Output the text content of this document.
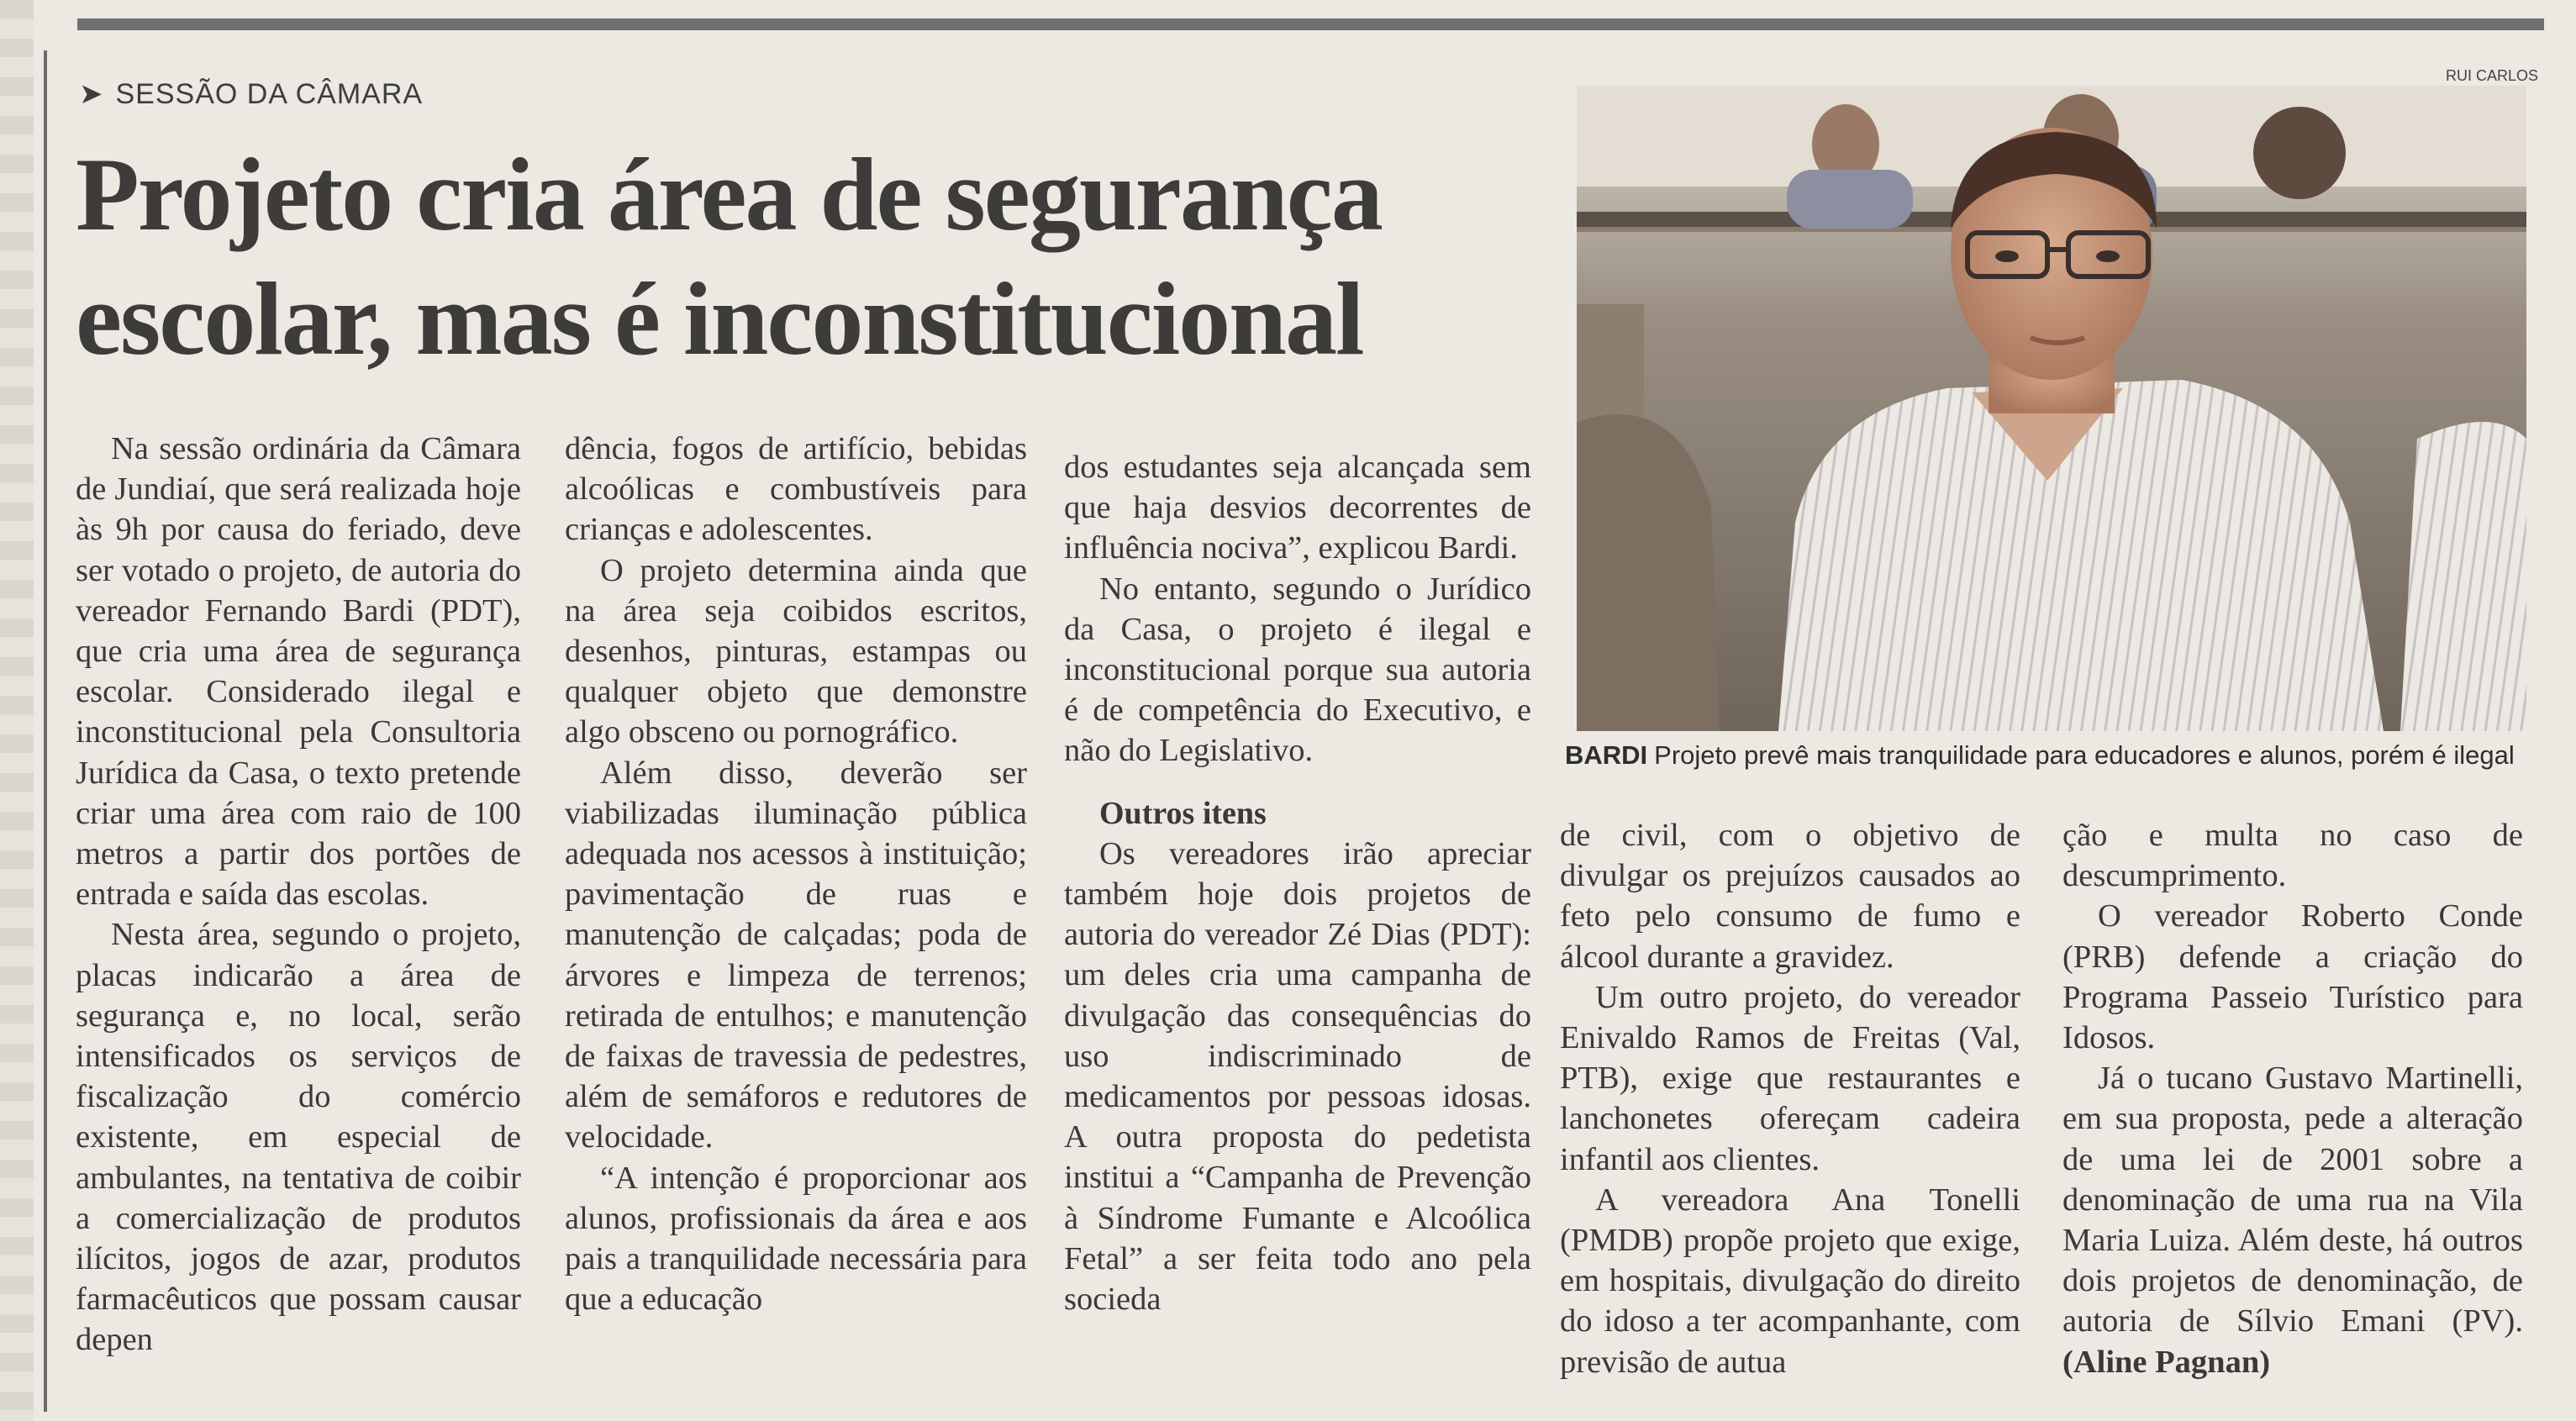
➤ SESSÃO DA CÂMARA
Projeto cria área de segurança escolar, mas é inconstitucional
RUI CARLOS
BARDI Projeto prevê mais tranquilidade para educadores e alunos, porém é ilegal

Na sessão ordinária da Câmara de Jundiaí, que será realizada hoje às 9h por causa do feriado, deve ser votado o projeto, de autoria do vereador Fernando Bardi (PDT), que cria uma área de segurança escolar. Considerado ilegal e inconstitucional pela Consultoria Jurídica da Casa, o texto pretende criar uma área com raio de 100 metros a partir dos portões de entrada e saída das escolas.

Nesta área, segundo o projeto, placas indicarão a área de segurança e, no local, serão intensificados os serviços de fiscalização do comércio existente, em especial de ambulantes, na tentativa de coibir a comercialização de produtos ilícitos, jogos de azar, produtos farmacêuticos que possam causar depen

dência, fogos de artifício, bebidas alcoólicas e combustíveis para crianças e adolescentes.

O projeto determina ainda que na área seja coibidos escritos, desenhos, pinturas, estampas ou qualquer objeto que demonstre algo obsceno ou pornográfico.

Além disso, deverão ser viabilizadas iluminação pública adequada nos acessos à instituição; pavimentação de ruas e manutenção de calçadas; poda de árvores e limpeza de terrenos; retirada de entulhos; e manutenção de faixas de travessia de pedestres, além de semáforos e redutores de velocidade.

“A intenção é proporcionar aos alunos, profissionais da área e aos pais a tranquilidade necessária para que a educação

dos estudantes seja alcançada sem que haja desvios decorrentes de influência nociva”, explicou Bardi.

No entanto, segundo o Jurídico da Casa, o projeto é ilegal e inconstitucional porque sua autoria é de competência do Executivo, e não do Legislativo.

Outros itens

Os vereadores irão apreciar também hoje dois projetos de autoria do vereador Zé Dias (PDT): um deles cria uma campanha de divulgação das consequências do uso indiscriminado de medicamentos por pessoas idosas. A outra proposta do pedetista institui a “Campanha de Prevenção à Síndrome Fumante e Alcoólica Fetal” a ser feita todo ano pela socieda

de civil, com o objetivo de divulgar os prejuízos causados ao feto pelo consumo de fumo e álcool durante a gravidez.

Um outro projeto, do vereador Enivaldo Ramos de Freitas (Val, PTB), exige que restaurantes e lanchonetes ofereçam cadeira infantil aos clientes.

A vereadora Ana Tonelli (PMDB) propõe projeto que exige, em hospitais, divulgação do direito do idoso a ter acompanhante, com previsão de autua

ção e multa no caso de descumprimento.

O vereador Roberto Conde (PRB) defende a criação do Programa Passeio Turístico para Idosos.

Já o tucano Gustavo Martinelli, em sua proposta, pede a alteração de uma lei de 2001 sobre a denominação de uma rua na Vila Maria Luiza. Além deste, há outros dois projetos de denominação, de autoria de Sílvio Emani (PV). (Aline Pagnan)
